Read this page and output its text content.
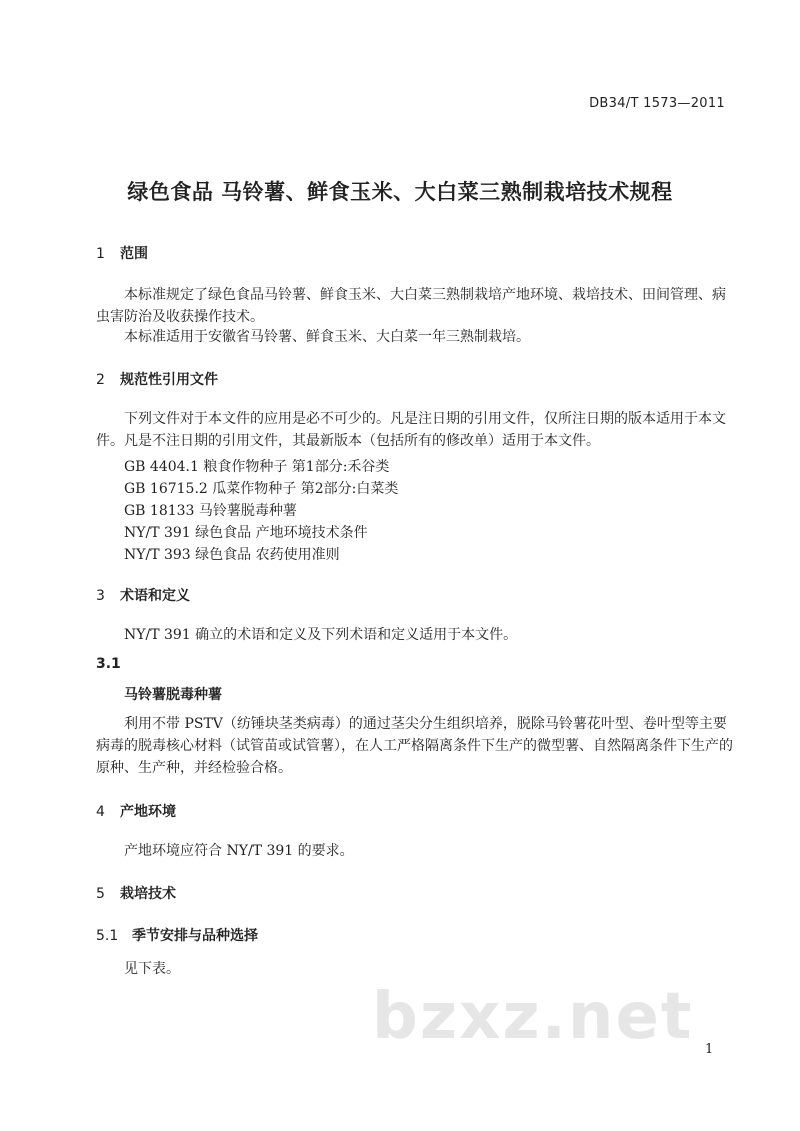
DB34/T 1573—2011
绿色食品 马铃薯、鲜食玉米、大白菜三熟制栽培技术规程
1 范围
本标准规定了绿色食品马铃薯、鲜食玉米、大白菜三熟制栽培产地环境、栽培技术、田间管理、病虫害防治及收获操作技术。
本标准适用于安徽省马铃薯、鲜食玉米、大白菜一年三熟制栽培。
2 规范性引用文件
下列文件对于本文件的应用是必不可少的。凡是注日期的引用文件，仅所注日期的版本适用于本文件。凡是不注日期的引用文件，其最新版本（包括所有的修改单）适用于本文件。
GB 4404.1 粮食作物种子 第1部分:禾谷类
GB 16715.2 瓜菜作物种子 第2部分:白菜类
GB 18133 马铃薯脱毒种薯
NY/T 391 绿色食品 产地环境技术条件
NY/T 393 绿色食品 农药使用准则
3 术语和定义
NY/T 391 确立的术语和定义及下列术语和定义适用于本文件。
3.1
马铃薯脱毒种薯
利用不带 PSTV（纺锤块茎类病毒）的通过茎尖分生组织培养，脱除马铃薯花叶型、卷叶型等主要病毒的脱毒核心材料（试管苗或试管薯），在人工严格隔离条件下生产的微型薯、自然隔离条件下生产的原种、生产种，并经检验合格。
4 产地环境
产地环境应符合 NY/T 391 的要求。
5 栽培技术
5.1 季节安排与品种选择
见下表。
bzxz.net 1
